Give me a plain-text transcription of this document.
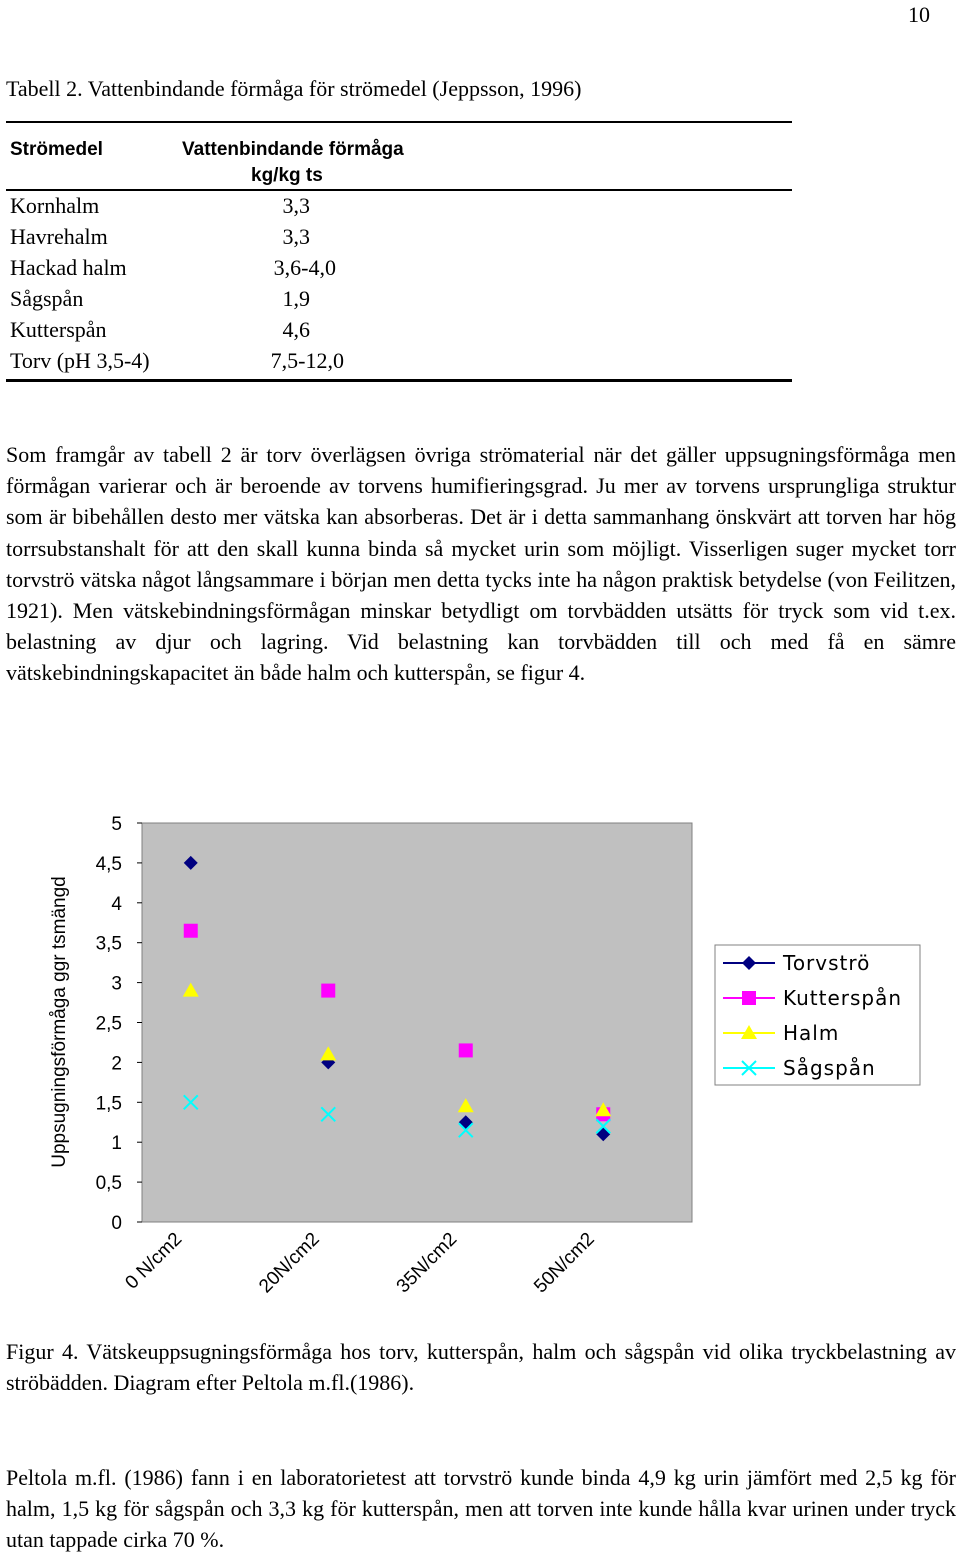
10
Tabell 2. Vattenbindande förmåga för strömedel (Jeppsson, 1996)
Strömedel	Vattenbindande förmåga
kg/kg ts
Kornhalm	3,3
Havrehalm	3,3
Hackad halm	3,6-4,0
Sågspån	1,9
Kutterspån	4,6
Torv (pH 3,5-4)	7,5-12,0

Som framgår av tabell 2 är torv överlägsen övriga strömaterial när det gäller uppsugningsförmåga men förmågan varierar och är beroende av torvens humifieringsgrad. Ju mer av torvens ursprungliga struktur som är bibehållen desto mer vätska kan absorberas. Det är i detta sammanhang önskvärt att torven har hög torrsubstanshalt för att den skall kunna binda så mycket urin som möjligt. Visserligen suger mycket torr torvströ vätska något långsammare i början men detta tycks inte ha någon praktisk betydelse (von Feilitzen, 1921). Men vätskebindningsförmågan minskar betydligt om torvbädden utsätts för tryck som vid t.ex. belastning av djur och lagring. Vid belastning kan torvbädden till och med få en sämre vätskebindningskapacitet än både halm och kutterspån, se figur 4.

0
0,5
1
1,5
2
2,5
3
3,5
4
4,5
5
Uppsugningsförmåga ggr tsmängd
0 N/cm2	20N/cm2	35N/cm2	50N/cm2
Torvströ
Kutterspån
Halm
Sågspån

Figur 4. Vätskeuppsugningsförmåga hos torv, kutterspån, halm och sågspån vid olika tryckbelastning av ströbädden. Diagram efter Peltola m.fl.(1986).

Peltola m.fl. (1986) fann i en laboratorietest att torvströ kunde binda 4,9 kg urin jämfört med 2,5 kg för halm, 1,5 kg för sågspån och 3,3 kg för kutterspån, men att torven inte kunde hålla kvar urinen under tryck utan tappade cirka 70 %.
